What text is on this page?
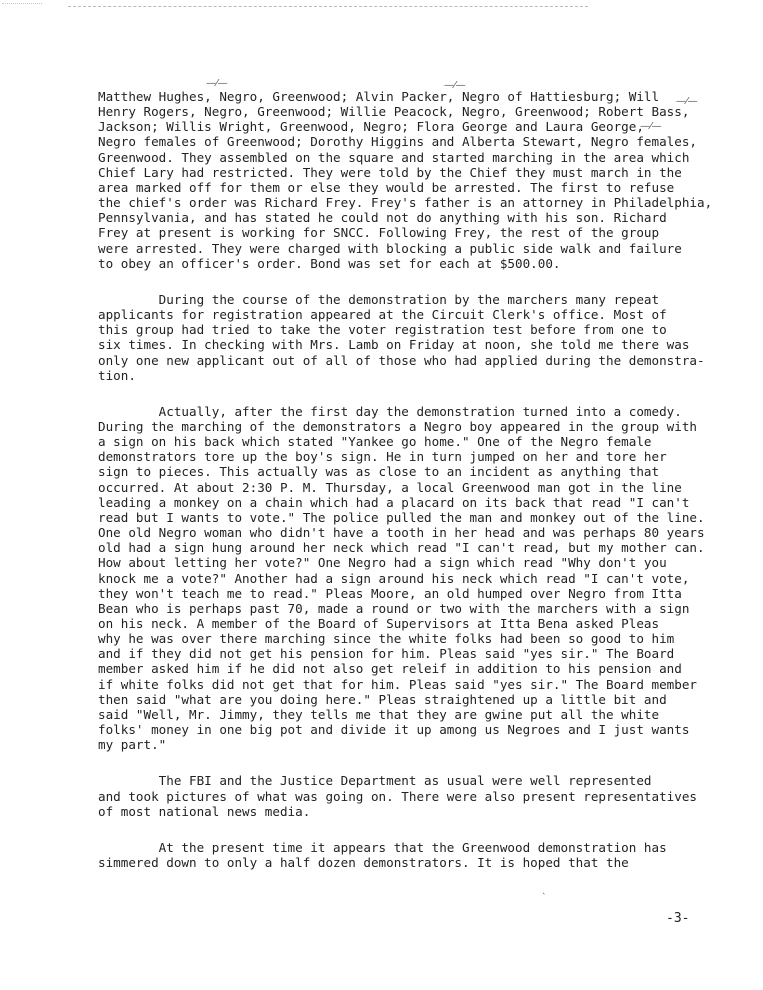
—⁄—	—⁄—
—⁄—
—⁄—
Matthew Hughes, Negro, Greenwood; Alvin Packer, Negro of Hattiesburg; Will
Henry Rogers, Negro, Greenwood; Willie Peacock, Negro, Greenwood; Robert Bass,
Jackson; Willis Wright, Greenwood, Negro; Flora George and Laura George,
Negro females of Greenwood; Dorothy Higgins and Alberta Stewart, Negro females,
Greenwood. They assembled on the square and started marching in the area which
Chief Lary had restricted. They were told by the Chief they must march in the
area marked off for them or else they would be arrested. The first to refuse
the chief's order was Richard Frey. Frey's father is an attorney in Philadelphia,
Pennsylvania, and has stated he could not do anything with his son. Richard
Frey at present is working for SNCC. Following Frey, the rest of the group
were arrested. They were charged with blocking a public side walk and failure
to obey an officer's order. Bond was set for each at $500.00.
During the course of the demonstration by the marchers many repeat
applicants for registration appeared at the Circuit Clerk's office. Most of
this group had tried to take the voter registration test before from one to
six times. In checking with Mrs. Lamb on Friday at noon, she told me there was
only one new applicant out of all of those who had applied during the demonstra-
tion.
Actually, after the first day the demonstration turned into a comedy.
During the marching of the demonstrators a Negro boy appeared in the group with
a sign on his back which stated "Yankee go home." One of the Negro female
demonstrators tore up the boy's sign. He in turn jumped on her and tore her
sign to pieces. This actually was as close to an incident as anything that
occurred. At about 2:30 P. M. Thursday, a local Greenwood man got in the line
leading a monkey on a chain which had a placard on its back that read "I can't
read but I wants to vote." The police pulled the man and monkey out of the line.
One old Negro woman who didn't have a tooth in her head and was perhaps 80 years
old had a sign hung around her neck which read "I can't read, but my mother can.
How about letting her vote?" One Negro had a sign which read "Why don't you
knock me a vote?" Another had a sign around his neck which read "I can't vote,
they won't teach me to read." Pleas Moore, an old humped over Negro from Itta
Bean who is perhaps past 70, made a round or two with the marchers with a sign
on his neck. A member of the Board of Supervisors at Itta Bena asked Pleas
why he was over there marching since the white folks had been so good to him
and if they did not get his pension for him. Pleas said "yes sir." The Board
member asked him if he did not also get releif in addition to his pension and
if white folks did not get that for him. Pleas said "yes sir." The Board member
then said "what are you doing here." Pleas straightened up a little bit and
said "Well, Mr. Jimmy, they tells me that they are gwine put all the white
folks' money in one big pot and divide it up among us Negroes and I just wants
my part."
The FBI and the Justice Department as usual were well represented
and took pictures of what was going on. There were also present representatives
of most national news media.
At the present time it appears that the Greenwood demonstration has
simmered down to only a half dozen demonstrators. It is hoped that the
ˎ
-3-
